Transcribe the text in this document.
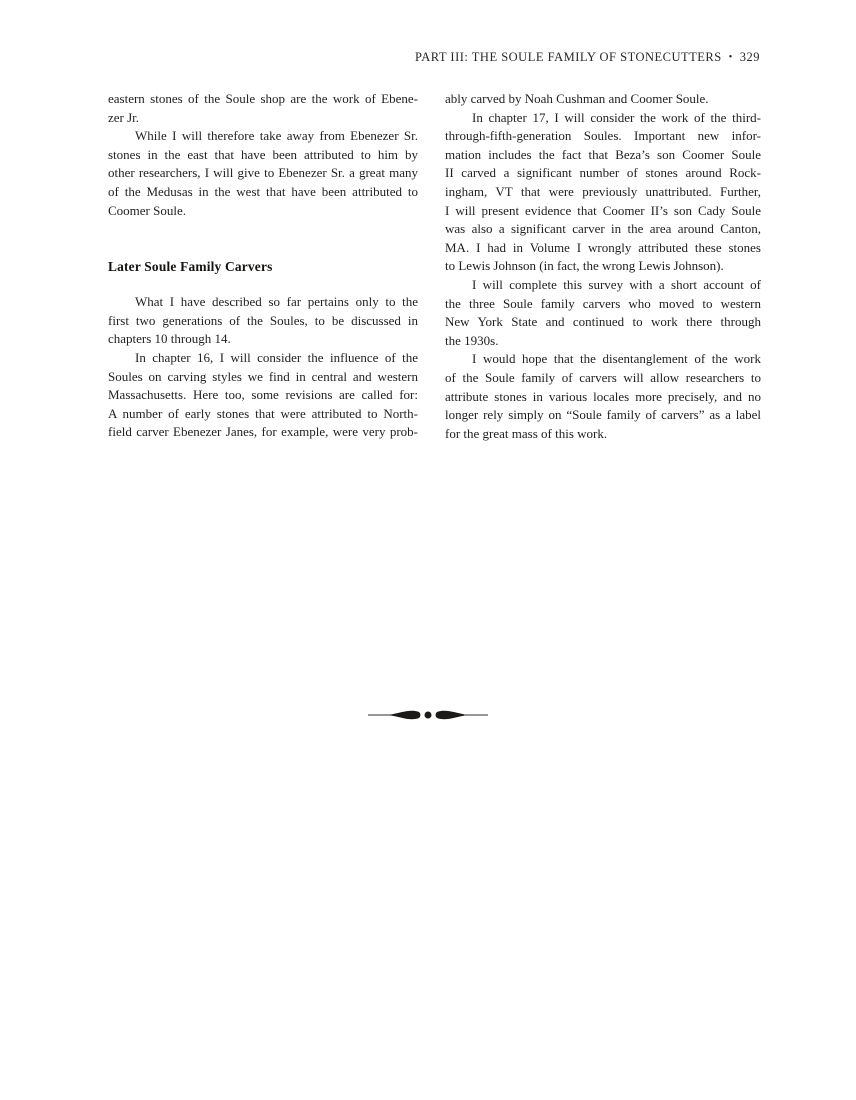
PART III: THE SOULE FAMILY OF STONECUTTERS • 329
eastern stones of the Soule shop are the work of Ebene-
zer Jr.
While I will therefore take away from Ebenezer Sr.
stones in the east that have been attributed to him by
other researchers, I will give to Ebenezer Sr. a great many
of the Medusas in the west that have been attributed to
Coomer Soule.
Later Soule Family Carvers
What I have described so far pertains only to the
first two generations of the Soules, to be discussed in
chapters 10 through 14.
In chapter 16, I will consider the influence of the
Soules on carving styles we find in central and western
Massachusetts. Here too, some revisions are called for:
A number of early stones that were attributed to North-
field carver Ebenezer Janes, for example, were very prob-
ably carved by Noah Cushman and Coomer Soule.
In chapter 17, I will consider the work of the third-
through-fifth-generation Soules. Important new infor-
mation includes the fact that Beza’s son Coomer Soule
II carved a significant number of stones around Rock-
ingham, VT that were previously unattributed. Further,
I will present evidence that Coomer II’s son Cady Soule
was also a significant carver in the area around Canton,
MA. I had in Volume I wrongly attributed these stones
to Lewis Johnson (in fact, the wrong Lewis Johnson).
I will complete this survey with a short account of
the three Soule family carvers who moved to western
New York State and continued to work there through
the 1930s.
I would hope that the disentanglement of the work
of the Soule family of carvers will allow researchers to
attribute stones in various locales more precisely, and no
longer rely simply on “Soule family of carvers” as a label
for the great mass of this work.
